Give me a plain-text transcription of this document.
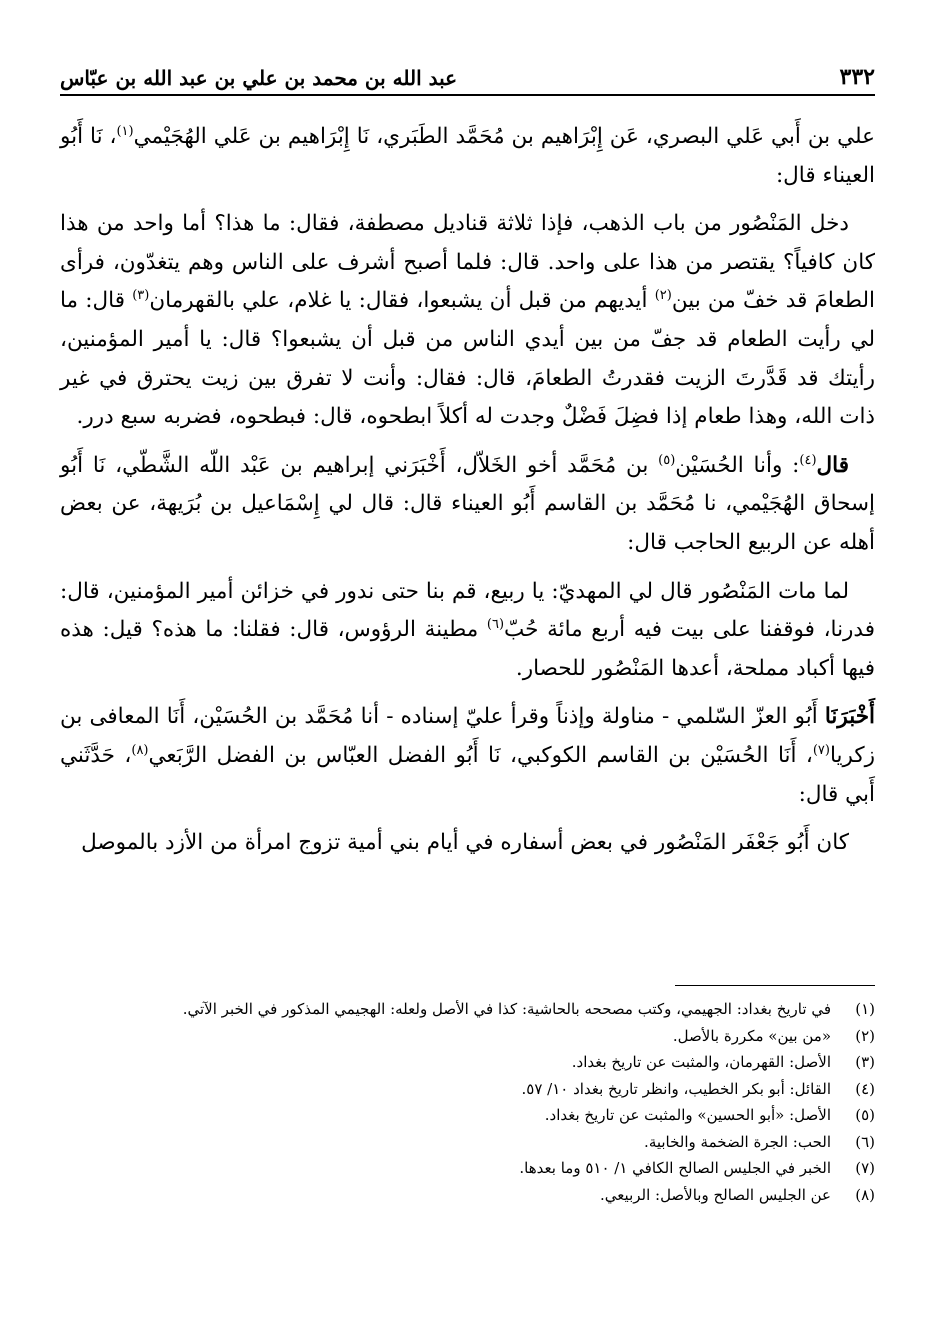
٣٣٢
عبد الله بن محمد بن علي بن عبد الله بن عبّاس

علي بن أَبي عَلي البصري، عَن إِبْرَاهيم بن مُحَمَّد الطَبَري، نَا إِبْرَاهيم بن عَلي الهُجَيْمي$^{(١)}$، نَا أَبُو العيناء قال:

دخل المَنْصُور من باب الذهب، فإذا ثلاثة قناديل مصطفة، فقال: ما هذا؟ أما واحد من هذا كان كافياً؟ يقتصر من هذا على واحد. قال: فلما أصبح أشرف على الناس وهم يتغدّون، فرأى الطعامَ قد خفّ من بين$^{(٢)}$ أيديهم من قبل أن يشبعوا، فقال: يا غلام، علي بالقهرمان$^{(٣)}$ قال: ما لي رأيت الطعام قد جفّ من بين أيدي الناس من قبل أن يشبعوا؟ قال: يا أمير المؤمنين، رأيتك قد قَدَّرتَ الزيت فقدرتُ الطعامَ، قال: فقال: وأنت لا تفرق بين زيت يحترق في غير ذات الله، وهذا طعام إذا فضِلَ فَضْلٌ وجدت له أكلاً ابطحوه، قال: فبطحوه، فضربه سبع درر.

قال$^{(٤)}$: وأنا الحُسَيْن$^{(٥)}$ بن مُحَمَّد أخو الخَلاّل، أَخْبَرَني إبراهيم بن عَبْد اللّه الشَّطّي، نَا أَبُو إسحاق الهُجَيْمي، نا مُحَمَّد بن القاسم أَبُو العيناء قال: قال لي إِسْمَاعيل بن بُرَيهة، عن بعض أهله عن الربيع الحاجب قال:

لما مات المَنْصُور قال لي المهديّ: يا ربيع، قم بنا حتى ندور في خزائن أمير المؤمنين، قال: فدرنا، فوقفنا على بيت فيه أربع مائة حُبّ$^{(٦)}$ مطينة الرؤوس، قال: فقلنا: ما هذه؟ قيل: هذه فيها أكباد مملحة، أعدها المَنْصُور للحصار.

أَخْبَرَنَا أَبُو العزّ السّلمي - مناولة وإذناً وقرأ عليّ إسناده - أنا مُحَمَّد بن الحُسَيْن، أَنَا المعافى بن زكريا$^{(٧)}$، أَنَا الحُسَيْن بن القاسم الكوكبي، نَا أَبُو الفضل العبّاس بن الفضل الرَّبَعي$^{(٨)}$، حَدَّثَني أَبي قال:

كان أَبُو جَعْفَر المَنْصُور في بعض أسفاره في أيام بني أمية تزوج امرأة من الأزد بالموصل

(١)
في تاريخ بغداد: الجهيمي، وكتب مصححه بالحاشية: كذا في الأصل ولعله: الهجيمي المذكور في الخبر الآتي.
(٢)
«من بين» مكررة بالأصل.
(٣)
الأصل: القهرمان، والمثبت عن تاريخ بغداد.
(٤)
القائل: أبو بكر الخطيب، وانظر تاريخ بغداد ١٠/ ٥٧.
(٥)
الأصل: «أبو الحسين» والمثبت عن تاريخ بغداد.
(٦)
الحب: الجرة الضخمة والخابية.
(٧)
الخبر في الجليس الصالح الكافي ١/ ٥١٠ وما بعدها.
(٨)
عن الجليس الصالح وبالأصل: الربيعي.
